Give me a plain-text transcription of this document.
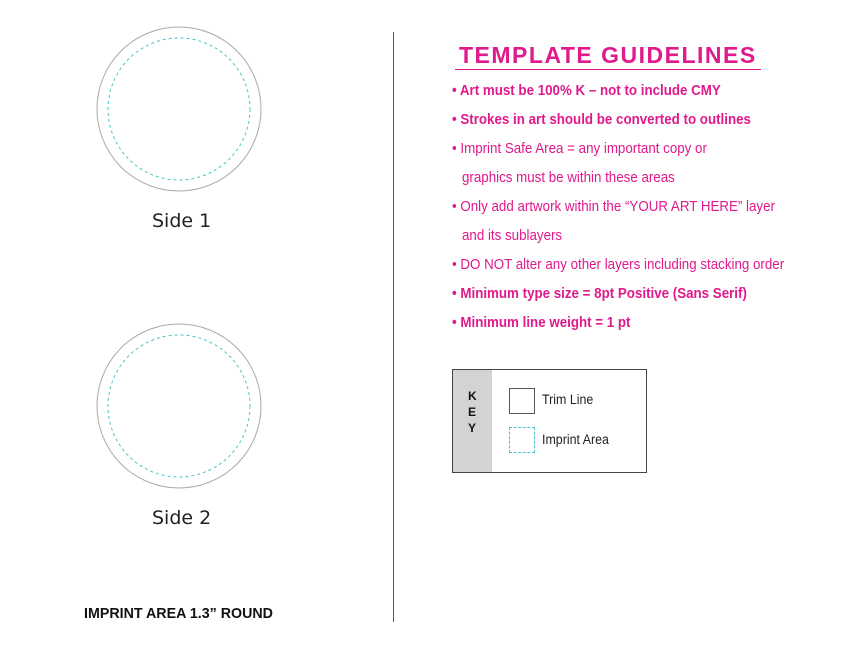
Side 1
Side 2
IMPRINT AREA 1.3” ROUND
TEMPLATE GUIDELINES
• Art must be 100% K – not to include CMY
• Strokes in art should be converted to outlines
• Imprint Safe Area = any important copy or
graphics must be within these areas
• Only add artwork within the “YOUR ART HERE” layer
and its sublayers
• DO NOT alter any other layers including stacking order
• Minimum type size = 8pt Positive (Sans Serif)
• Minimum line weight = 1 pt
K
E
Y
Trim Line
Imprint Area
